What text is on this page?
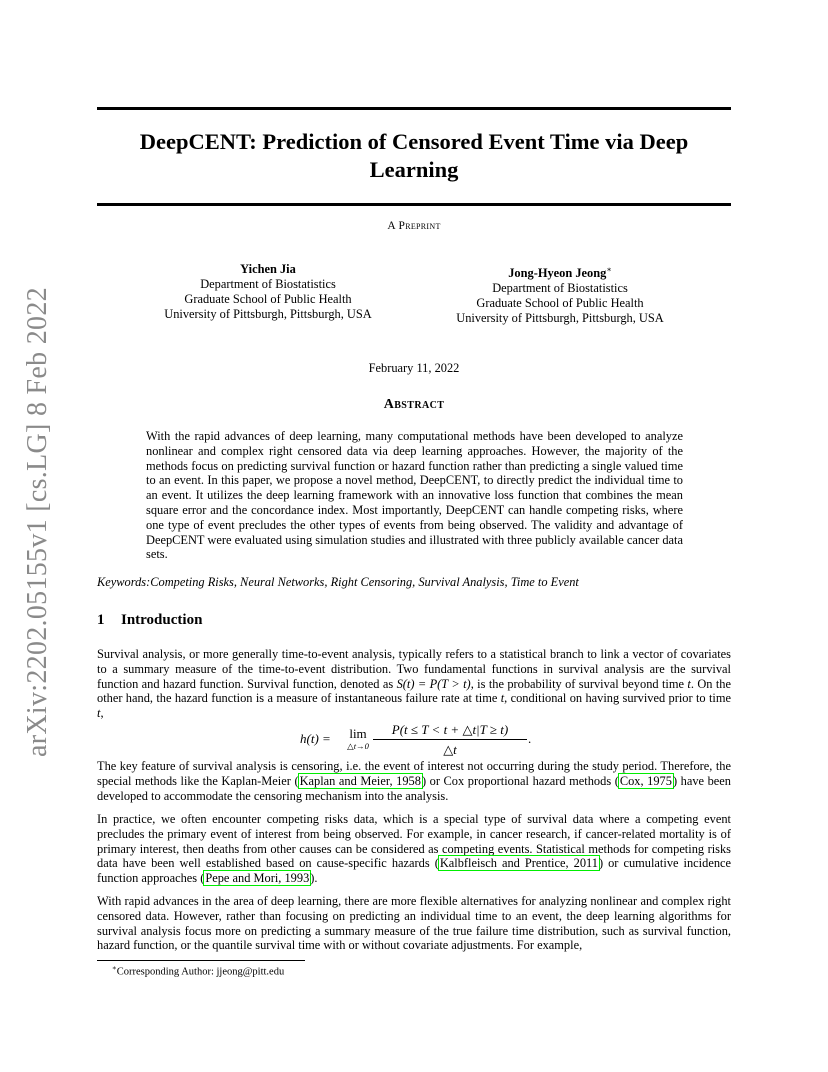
arXiv:2202.05155v1 [cs.LG] 8 Feb 2022
DeepCENT: Prediction of Censored Event Time via Deep Learning
A Preprint
Yichen Jia
Department of Biostatistics
Graduate School of Public Health
University of Pittsburgh, Pittsburgh, USA
Jong-Hyeon Jeong∗
Department of Biostatistics
Graduate School of Public Health
University of Pittsburgh, Pittsburgh, USA
February 11, 2022
Abstract
With the rapid advances of deep learning, many computational methods have been developed to analyze nonlinear and complex right censored data via deep learning approaches. However, the majority of the methods focus on predicting survival function or hazard function rather than predicting a single valued time to an event. In this paper, we propose a novel method, DeepCENT, to directly predict the individual time to an event. It utilizes the deep learning framework with an innovative loss function that combines the mean square error and the concordance index. Most importantly, DeepCENT can handle competing risks, where one type of event precludes the other types of events from being observed. The validity and advantage of DeepCENT were evaluated using simulation studies and illustrated with three publicly available cancer data sets.
Keywords:Competing Risks, Neural Networks, Right Censoring, Survival Analysis, Time to Event
1 Introduction
Survival analysis, or more generally time-to-event analysis, typically refers to a statistical branch to link a vector of covariates to a summary measure of the time-to-event distribution. Two fundamental functions in survival analysis are the survival function and hazard function. Survival function, denoted as S(t) = P(T > t), is the probability of survival beyond time t. On the other hand, the hazard function is a measure of instantaneous failure rate at time t, conditional on having survived prior to time t,
h(t) =	lim
△t→0
P(t ≤ T < t + △t|T ≥ t)
△t
.
The key feature of survival analysis is censoring, i.e. the event of interest not occurring during the study period. Therefore, the special methods like the Kaplan-Meier (Kaplan and Meier, 1958) or Cox proportional hazard methods (Cox, 1975) have been developed to accommodate the censoring mechanism into the analysis.
In practice, we often encounter competing risks data, which is a special type of survival data where a competing event precludes the primary event of interest from being observed. For example, in cancer research, if cancer-related mortality is of primary interest, then deaths from other causes can be considered as competing events. Statistical methods for competing risks data have been well established based on cause-specific hazards (Kalbfleisch and Prentice, 2011) or cumulative incidence function approaches (Pepe and Mori, 1993).
With rapid advances in the area of deep learning, there are more flexible alternatives for analyzing nonlinear and complex right censored data. However, rather than focusing on predicting an individual time to an event, the deep learning algorithms for survival analysis focus more on predicting a summary measure of the true failure time distribution, such as survival function, hazard function, or the quantile survival time with or without covariate adjustments. For example,
∗Corresponding Author: jjeong@pitt.edu
